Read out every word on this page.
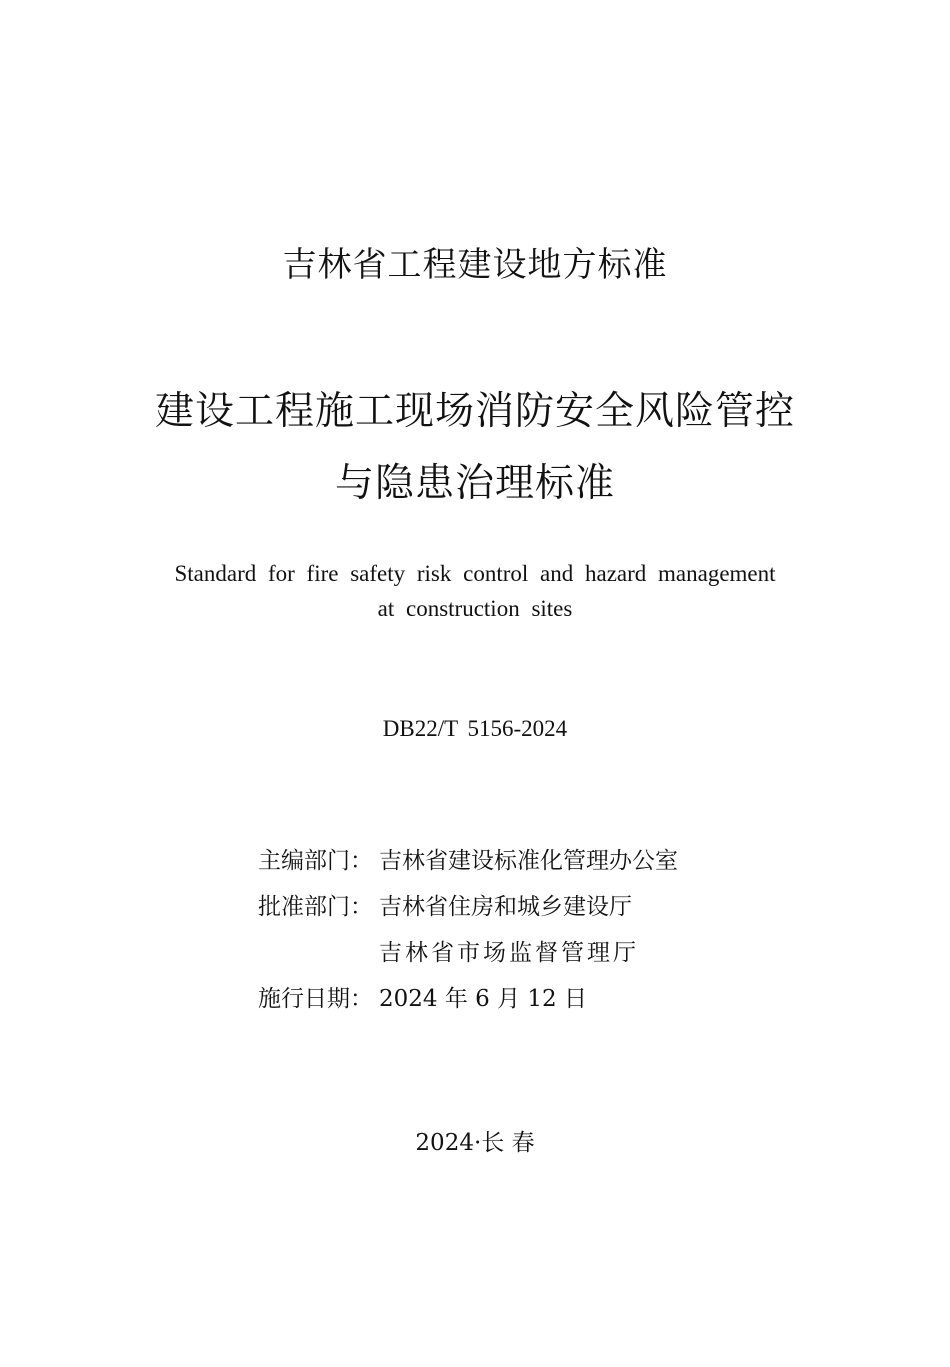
吉林省工程建设地方标准
建设工程施工现场消防安全风险管控
与隐患治理标准
Standard for fire safety risk control and hazard management
at construction sites
DB22/T 5156-2024
主编部门： 吉林省建设标准化管理办公室
批准部门： 吉林省住房和城乡建设厅
吉林省市场监督管理厅
施行日期： 2024 年 6 月 12 日
2024·长 春
